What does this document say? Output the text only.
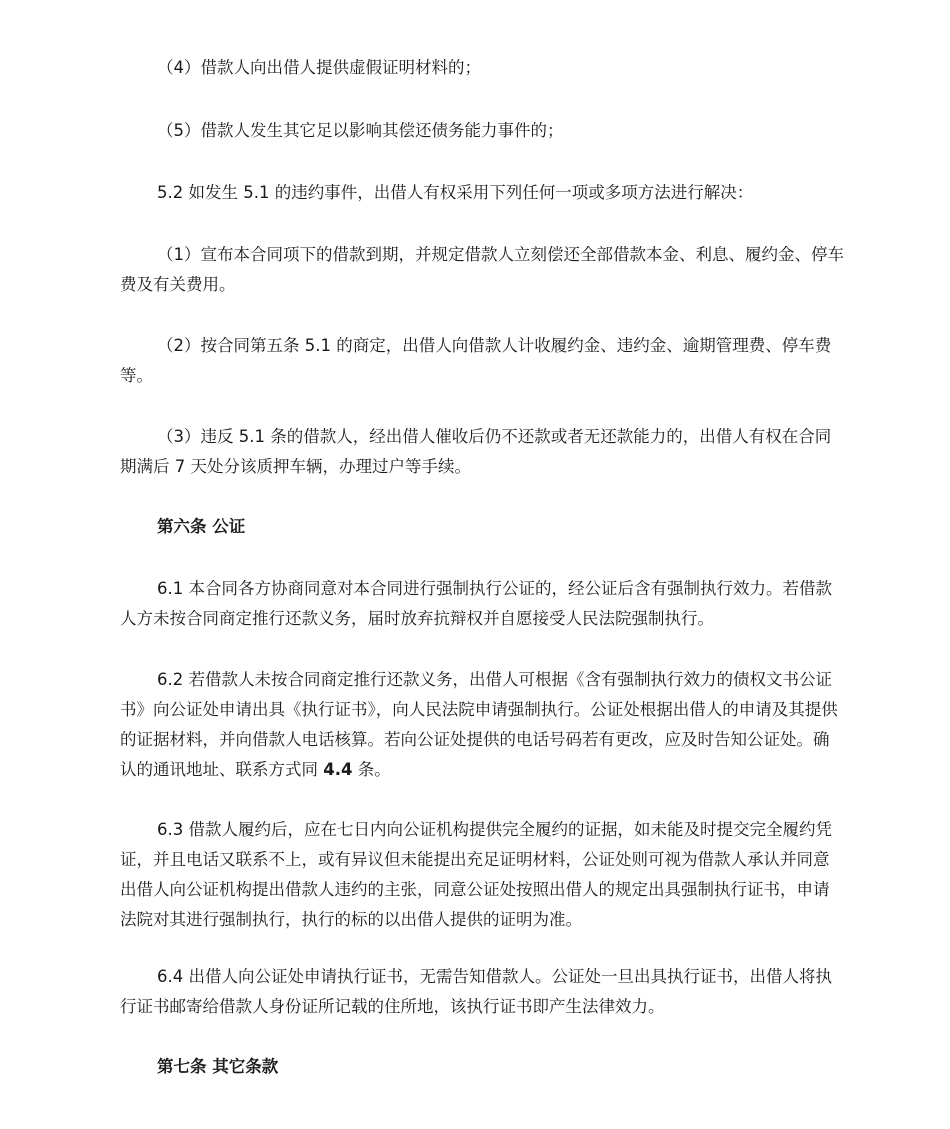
（4）借款人向出借人提供虚假证明材料的；

（5）借款人发生其它足以影响其偿还债务能力事件的；

5.2 如发生 5.1 的违约事件，出借人有权采用下列任何一项或多项方法进行解决：

（1）宣布本合同项下的借款到期，并规定借款人立刻偿还全部借款本金、利息、履约金、停车费及有关费用。

（2）按合同第五条 5.1 的商定，出借人向借款人计收履约金、违约金、逾期管理费、停车费等。

（3）违反 5.1 条的借款人，经出借人催收后仍不还款或者无还款能力的，出借人有权在合同期满后 7 天处分该质押车辆，办理过户等手续。

第六条 公证

6.1 本合同各方协商同意对本合同进行强制执行公证的，经公证后含有强制执行效力。若借款人方未按合同商定推行还款义务，届时放弃抗辩权并自愿接受人民法院强制执行。

6.2 若借款人未按合同商定推行还款义务，出借人可根据《含有强制执行效力的债权文书公证书》向公证处申请出具《执行证书》，向人民法院申请强制执行。公证处根据出借人的申请及其提供的证据材料，并向借款人电话核算。若向公证处提供的电话号码若有更改，应及时告知公证处。确认的通讯地址、联系方式同 4.4 条。

6.3 借款人履约后，应在七日内向公证机构提供完全履约的证据，如未能及时提交完全履约凭证，并且电话又联系不上，或有异议但未能提出充足证明材料，公证处则可视为借款人承认并同意出借人向公证机构提出借款人违约的主张，同意公证处按照出借人的规定出具强制执行证书，申请法院对其进行强制执行，执行的标的以出借人提供的证明为准。

6.4 出借人向公证处申请执行证书，无需告知借款人。公证处一旦出具执行证书，出借人将执行证书邮寄给借款人身份证所记载的住所地，该执行证书即产生法律效力。

第七条 其它条款
